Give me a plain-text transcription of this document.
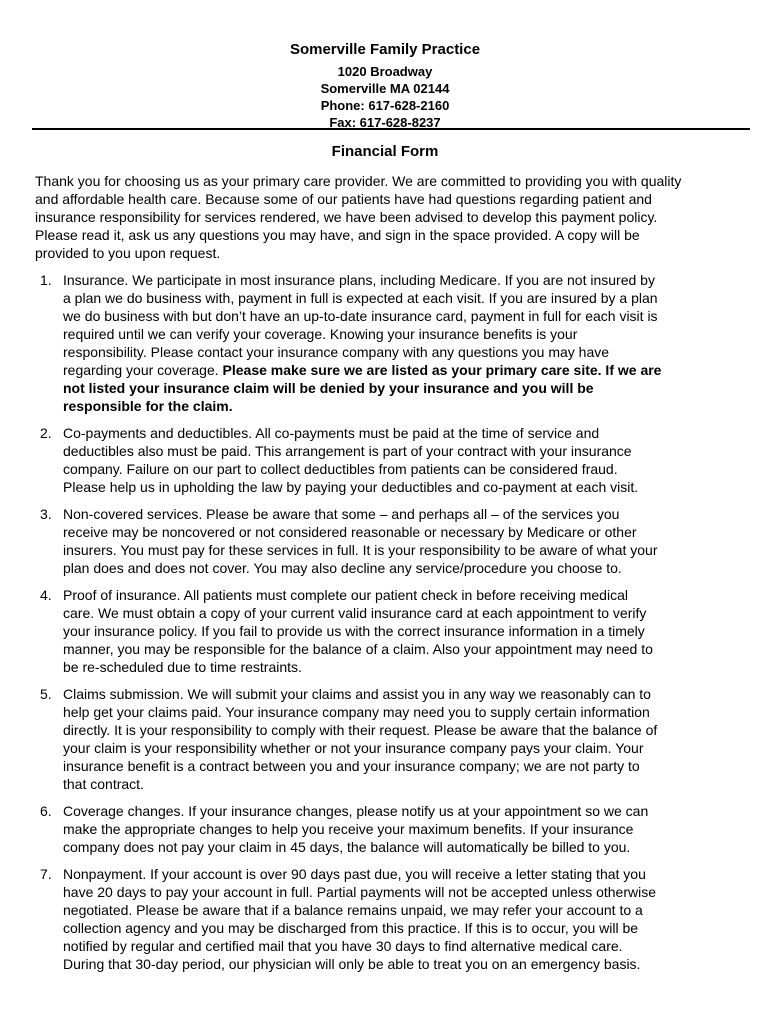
Somerville Family Practice
1020 Broadway
Somerville MA 02144
Phone: 617-628-2160
Fax: 617-628-8237
Financial Form
Thank you for choosing us as your primary care provider. We are committed to providing you with quality
and affordable health care. Because some of our patients have had questions regarding patient and
insurance responsibility for services rendered, we have been advised to develop this payment policy.
Please read it, ask us any questions you may have, and sign in the space provided. A copy will be
provided to you upon request.
1. Insurance. We participate in most insurance plans, including Medicare. If you are not insured by
a plan we do business with, payment in full is expected at each visit. If you are insured by a plan
we do business with but don’t have an up-to-date insurance card, payment in full for each visit is
required until we can verify your coverage. Knowing your insurance benefits is your
responsibility. Please contact your insurance company with any questions you may have
regarding your coverage. Please make sure we are listed as your primary care site. If we are
not listed your insurance claim will be denied by your insurance and you will be
responsible for the claim.
2. Co-payments and deductibles. All co-payments must be paid at the time of service and
deductibles also must be paid. This arrangement is part of your contract with your insurance
company. Failure on our part to collect deductibles from patients can be considered fraud.
Please help us in upholding the law by paying your deductibles and co-payment at each visit.
3. Non-covered services. Please be aware that some – and perhaps all – of the services you
receive may be noncovered or not considered reasonable or necessary by Medicare or other
insurers. You must pay for these services in full. It is your responsibility to be aware of what your
plan does and does not cover. You may also decline any service/procedure you choose to.
4. Proof of insurance. All patients must complete our patient check in before receiving medical
care. We must obtain a copy of your current valid insurance card at each appointment to verify
your insurance policy. If you fail to provide us with the correct insurance information in a timely
manner, you may be responsible for the balance of a claim. Also your appointment may need to
be re-scheduled due to time restraints.
5. Claims submission. We will submit your claims and assist you in any way we reasonably can to
help get your claims paid. Your insurance company may need you to supply certain information
directly. It is your responsibility to comply with their request. Please be aware that the balance of
your claim is your responsibility whether or not your insurance company pays your claim. Your
insurance benefit is a contract between you and your insurance company; we are not party to
that contract.
6. Coverage changes. If your insurance changes, please notify us at your appointment so we can
make the appropriate changes to help you receive your maximum benefits. If your insurance
company does not pay your claim in 45 days, the balance will automatically be billed to you.
7. Nonpayment. If your account is over 90 days past due, you will receive a letter stating that you
have 20 days to pay your account in full. Partial payments will not be accepted unless otherwise
negotiated. Please be aware that if a balance remains unpaid, we may refer your account to a
collection agency and you may be discharged from this practice. If this is to occur, you will be
notified by regular and certified mail that you have 30 days to find alternative medical care.
During that 30-day period, our physician will only be able to treat you on an emergency basis.
